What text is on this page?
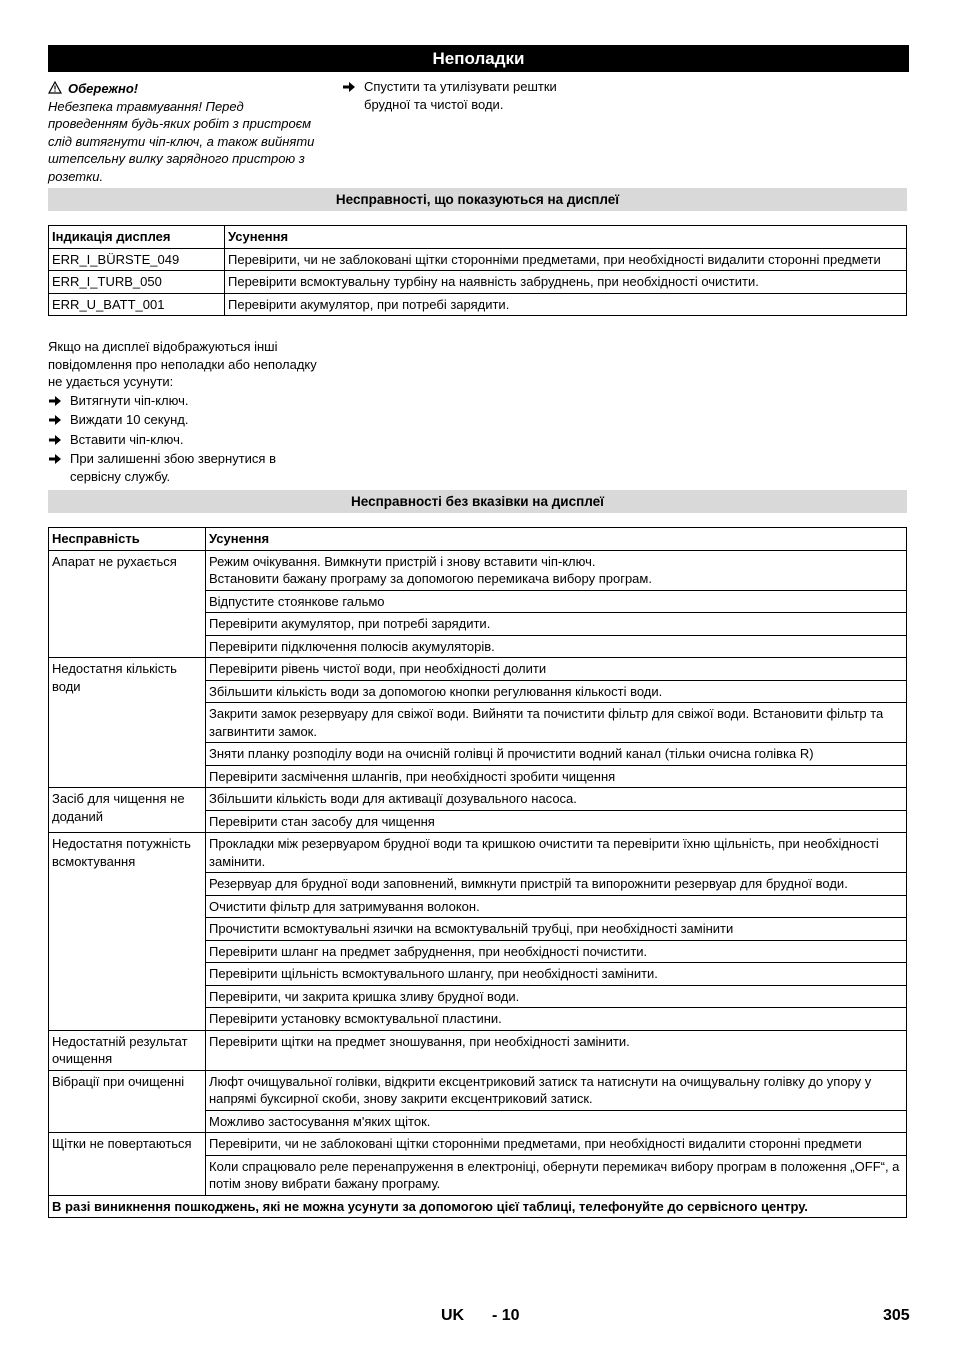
Неполадки
Обережно!
Небезпека травмування! Перед проведенням будь-яких робіт з пристроєм слід витягнути чіп-ключ, а також вийняти штепсельну вилку зарядного пристрою з розетки.
Спустити та утилізувати рештки брудної та чистої води.
Несправності, що показуються на дисплеї
Індикація дисплея	Усунення
ERR_I_BÜRSTE_049	Перевірити, чи не заблоковані щітки сторонніми предметами, при необхідності видалити сторонні предмети
ERR_I_TURB_050	Перевірити всмоктувальну турбіну на наявність забруднень, при необхідності очистити.
ERR_U_BATT_001	Перевірити акумулятор, при потребі зарядити.
Якщо на дисплеї відображуються інші повідомлення про неполадки або неполадку не удається усунути:
Витягнути чіп-ключ.
Виждати 10 секунд.
Вставити чіп-ключ.
При залишенні збою звернутися в сервісну службу.
Несправності без вказівки на дисплеї
Несправність	Усунення
Апарат не рухається	Режим очікування. Вимкнути пристрій і знову вставити чіп-ключ.
Встановити бажану програму за допомогою перемикача вибору програм.
	Відпустите стоянкове гальмо
	Перевірити акумулятор, при потребі зарядити.
	Перевірити підключення полюсів акумуляторів.
Недостатня кількість води	Перевірити рівень чистої води, при необхідності долити
	Збільшити кількість води за допомогою кнопки регулювання кількості води.
	Закрити замок резервуару для свіжої води. Вийняти та почистити фільтр для свіжої води. Встановити фільтр та загвинтити замок.
	Зняти планку розподілу води на очисній голівці й прочистити водний канал (тільки очисна голівка R)
	Перевірити засмічення шлангів, при необхідності зробити чищення
Засіб для чищення не доданий	Збільшити кількість води для активації дозувального насоса.
	Перевірити стан засобу для чищення
Недостатня потужність всмоктування	Прокладки між резервуаром брудної води та кришкою очистити та перевірити їхню щільність, при необхідності замінити.
	Резервуар для брудної води заповнений, вимкнути пристрій та випорожнити резервуар для брудної води.
	Очистити фільтр для затримування волокон.
	Прочистити всмоктувальні язички на всмоктувальній трубці, при необхідності замінити
	Перевірити шланг на предмет забруднення, при необхідності почистити.
	Перевірити щільність всмоктувального шлангу, при необхідності замінити.
	Перевірити, чи закрита кришка зливу брудної води.
	Перевірити установку всмоктувальної пластини.
Недостатній результат очищення	Перевірити щітки на предмет зношування, при необхідності замінити.
Вібрації при очищенні	Люфт очищувальної голівки, відкрити ексцентриковий затиск та натиснути на очищувальну голівку до упору у напрямі буксирної скоби, знову закрити ексцентриковий затиск.
	Можливо застосування м'яких щіток.
Щітки не повертаються	Перевірити, чи не заблоковані щітки сторонніми предметами, при необхідності видалити сторонні предмети
	Коли спрацювало реле перенапруження в електроніці, обернути перемикач вибору програм в положення „OFF“, а потім знову вибрати бажану програму.
В разі виникнення пошкоджень, які не можна усунути за допомогою цієї таблиці, телефонуйте до сервісного центру.	
UK - 10	305
